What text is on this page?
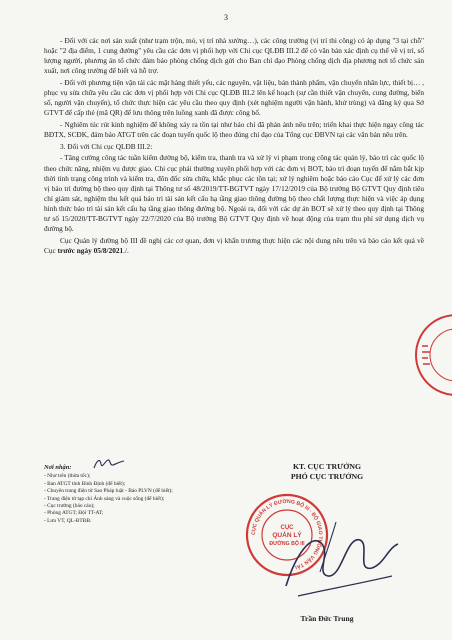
3

- Đối với các nơi sản xuất (như trạm trộn, mỏ, vị trí nhà xưởng…), các công trường (vị trí thi công) có áp dụng "3 tại chỗ" hoặc "2 địa điểm, 1 cung đường" yêu cầu các đơn vị phối hợp với Chi cục QLĐB III.2 để có văn bản xác định cụ thể về vị trí, số lượng người, phương án tổ chức đảm bảo phòng chống dịch gửi cho Ban chỉ đạo Phòng chống dịch địa phương nơi tổ chức sản xuất, nơi công trường để biết và hỗ trợ.

- Đối với phương tiện vận tải các mặt hàng thiết yếu, các nguyên, vật liệu, bán thành phẩm, vận chuyển nhân lực, thiết bị… , phục vụ sửa chữa yêu cầu các đơn vị phối hợp với Chi cục QLĐB III.2 lên kế hoạch (sự cần thiết vận chuyển, cung đường, biển số, người vận chuyển), tổ chức thực hiện các yêu cầu theo quy định (xét nghiệm người vận hành, khử trùng) và đăng ký qua Sở GTVT để cấp thẻ (mã QR) để lưu thông trên luồng xanh đã được công bố.

- Nghiêm túc rút kinh nghiệm để không xảy ra tồn tại như báo chí đã phản ánh nêu trên; triển khai thực hiện ngay công tác BĐTX, SCĐK, đảm bảo ATGT trên các đoạn tuyến quốc lộ theo đúng chỉ đạo của Tổng cục ĐBVN tại các văn bản nêu trên.

3. Đối với Chi cục QLĐB III.2:

- Tăng cường công tác tuần kiểm đường bộ, kiểm tra, thanh tra và xử lý vi phạm trong công tác quản lý, bảo trì các quốc lộ theo chức năng, nhiệm vụ được giao. Chi cục phải thường xuyên phối hợp với các đơn vị BOT, bảo trì đoạn tuyến để nắm bắt kịp thời tình trạng công trình và kiểm tra, đôn đốc sửa chữa, khắc phục các tồn tại; xử lý nghiêm hoặc báo cáo Cục để xử lý các đơn vị bảo trì đường bộ theo quy định tại Thông tư số 48/2019/TT-BGTVT ngày 17/12/2019 của Bộ trưởng Bộ GTVT Quy định tiêu chí giám sát, nghiệm thu kết quả bảo trì tài sản kết cấu hạ tầng giao thông đường bộ theo chất lượng thực hiện và việc áp dụng hình thức bảo trì tài sản kết cấu hạ tầng giao thông đường bộ. Ngoài ra, đối với các dự án BOT sẽ xử lý theo quy định tại Thông tư số 15/2020/TT-BGTVT ngày 22/7/2020 của Bộ trưởng Bộ GTVT Quy định về hoạt động của trạm thu phí sử dụng dịch vụ đường bộ.

Cục Quản lý đường bộ III đề nghị các cơ quan, đơn vị khẩn trương thực hiện các nội dung nêu trên và báo cáo kết quả về Cục trước ngày 05/8/2021./.

Nơi nhận:
- Như trên (thừa tốc);
- Ban ATGT tỉnh Bình Định (để biết);
- Chuyên trang điện tử Sao Pháp luật - Báo PLVN (để biết);
- Trang điện tử tạp chí Ánh sáng và cuộc sống (để biết);
- Cục trưởng (báo cáo);
- Phòng ATGT; Đội TT-AT;
- Lưu VT, QL-BTĐB.
KT. CỤC TRƯỞNG
PHÓ CỤC TRƯỞNG
CỤC QUẢN LÝ ĐƯỜNG BỘ III · BỘ GIAO THÔNG VẬN TẢI
CỤC
QUẢN LÝ
ĐƯỜNG BỘ III
Trần Đức Trung
